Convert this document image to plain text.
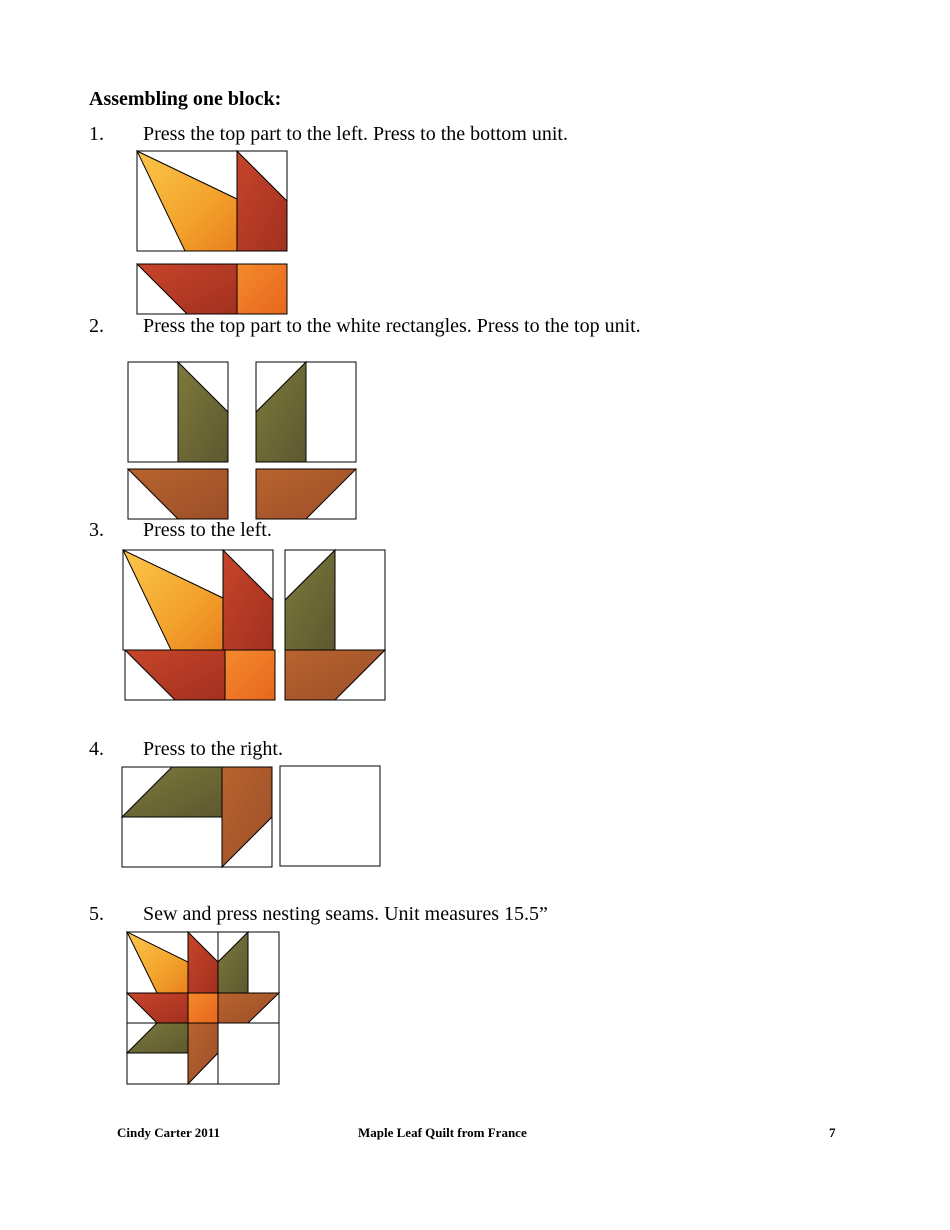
Assembling one block:
1. Press the top part to the left. Press to the bottom unit.
2. Press the top part to the white rectangles. Press to the top unit.
3. Press to the left.
4. Press to the right.
5. Sew and press nesting seams. Unit measures 15.5”
Cindy Carter 2011	Maple Leaf Quilt from France	7
